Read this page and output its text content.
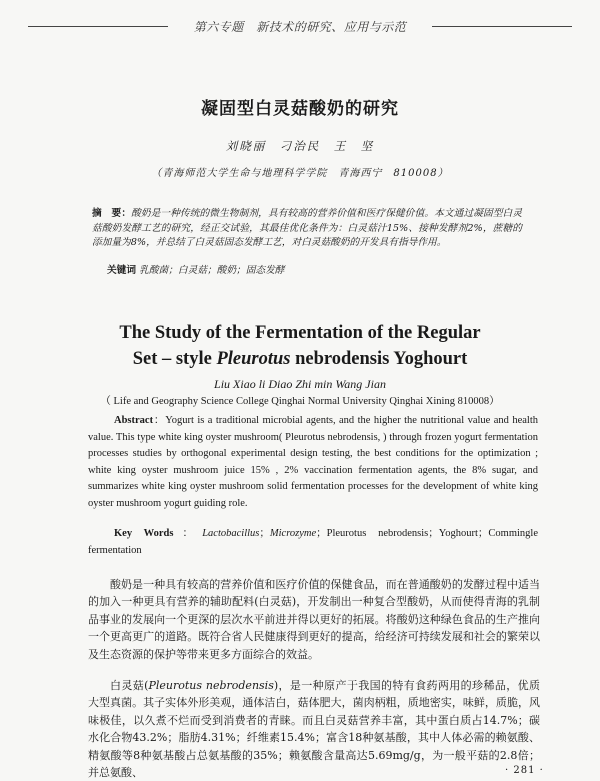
第六专题　新技术的研究、应用与示范
凝固型白灵菇酸奶的研究
刘晓丽　刁治民　王　坚
（青海师范大学生命与地理科学学院　青海西宁　810008）
摘　要：酸奶是一种传统的微生物制剂，具有较高的营养价值和医疗保健价值。本文通过凝固型白灵菇酸奶发酵工艺的研究，经正交试验，其最佳优化条件为：白灵菇汁15%、接种发酵剂2%，蔗糖的添加量为8%，并总结了白灵菇固态发酵工艺，对白灵菇酸奶的开发具有指导作用。
关键词 乳酸菌；白灵菇；酸奶；固态发酵
The Study of the Fermentation of the Regular
Set – style Pleurotus nebrodensis Yoghourt
Liu Xiao li Diao Zhi min Wang Jian
（ Life and Geography Science College Qinghai Normal University Qinghai Xining 810008）
Abstract：Yogurt is a traditional microbial agents, and the higher the nutritional value and health value. This type white king oyster mushroom( Pleurotus nebrodensis, ) through frozen yogurt fermentation processes studies by orthogonal experimental design testing, the best conditions for the optimization ; white king oyster mushroom juice 15% , 2% vaccination fermentation agents, the 8% sugar, and summarizes white king oyster mushroom solid fermentation processes for the development of white king oyster mushroom yogurt guiding role.
Key Words：Lactobacillus；Microzyme；Pleurotus nebrodensis；Yoghourt；Commingle fermentation
酸奶是一种具有较高的营养价值和医疗价值的保健食品，而在普通酸奶的发酵过程中适当的加入一种更具有营养的辅助配料(白灵菇)，开发制出一种复合型酸奶，从而使得青海的乳制品事业的发展向一个更深的层次水平前进并得以更好的拓展。将酸奶这种绿色食品的生产推向一个更高更广的道路。既符合省人民健康得到更好的提高，给经济可持续发展和社会的繁荣以及生态资源的保护等带来更多方面综合的效益。
白灵菇(Pleurotus nebrodensis)，是一种原产于我国的特有食药两用的珍稀品，优质大型真菌。其子实体外形美观，通体洁白，菇体肥大，菌肉柄粗，质地密实，味鲜，质脆，风味极佳，以久煮不烂而受到消费者的青睐。而且白灵菇营养丰富，其中蛋白质占14.7%；碳水化合物43.2%；脂肪4.31%；纤维素15.4%；富含18种氨基酸，其中人体必需的赖氨酸、精氨酸等8种氨基酸占总氨基酸的35%；赖氨酸含量高达5.69mg/g，为一般平菇的2.8倍；并总氨酸、	· 281 ·
